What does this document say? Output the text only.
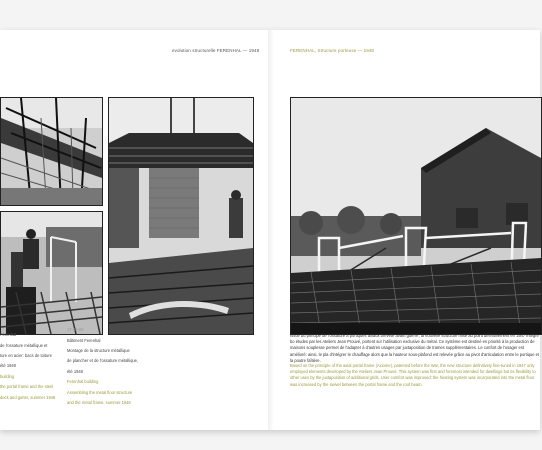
evolution structurelle FERENHAL — 1948	FERENHAL, Structure porteuse — 1948

Ferenhal

de l'ossature métallique et

ture en acier: bacs de toiture

été 1948

building

the portal frame and the steel

deck and gutter, summer 1948

1T-96-09

Bâtiment Ferenhal

Montage de la structure métallique

de plancher et de l'ossature métallique,

été 1948

Ferenhal building

Assembling the metal floor structure

and the metal frame, summer 1948

Issue du principe de l'ossature à portiques axiaux breveté avant guerre, la nouvelle structure mise au point définitivement en 1947 intègre bo études par les Ateliers Jean Prouvé, portent sur l'utilisation exclusive du métal. Ce système est destiné en priorité à la production de maisons souplesse permet de l'adapter à d'autres usages par juxtaposition de trames supplémentaires. Le confort de l'usager est amélioré: ainsi, le pla d'intégrer le chauffage alors que la hauteur sous-plafond est relevée grâce au pivot d'articulation entre le portique et la poutre faîtière.

Based on the principle of the axial portal frame (Axiome), patented before the War, the new structure definitively fine-tuned in 1947 only employed elements developed by the Ateliers Jean Prouvé. This system was first and foremost intended for dwellings but its flexibility to other uses by the juxtaposition of additional grids. User comfort was improved: the heating system was incorporated into the metal floor was increased by the swivel between the portal frame and the roof beam.
